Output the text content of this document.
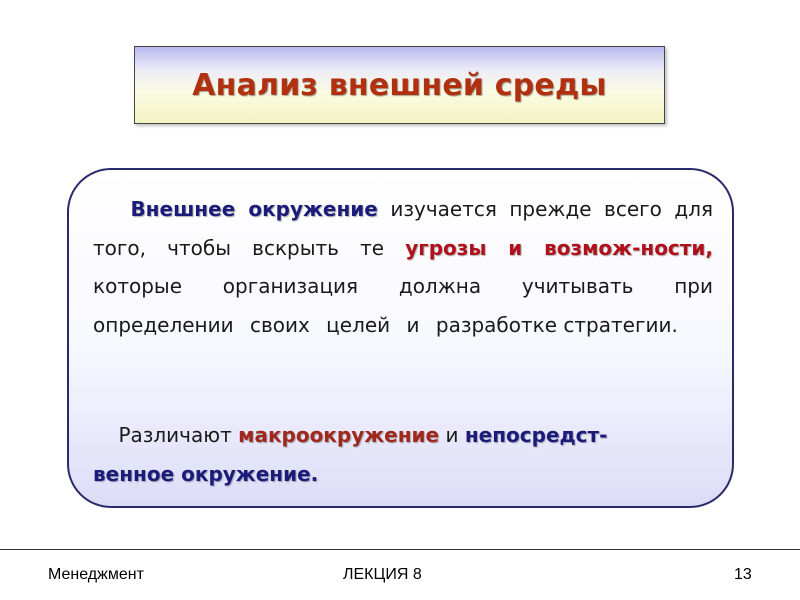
Анализ внешней среды

Внешнее окружение изучается прежде всего для того, чтобы вскрыть те угрозы и возмож-ности, которые организация должна учитывать при определении своих целей и разработке стратегии.

Различают макроокружение и непосредст-
венное окружение.

Менеджмент	ЛЕКЦИЯ 8	13
